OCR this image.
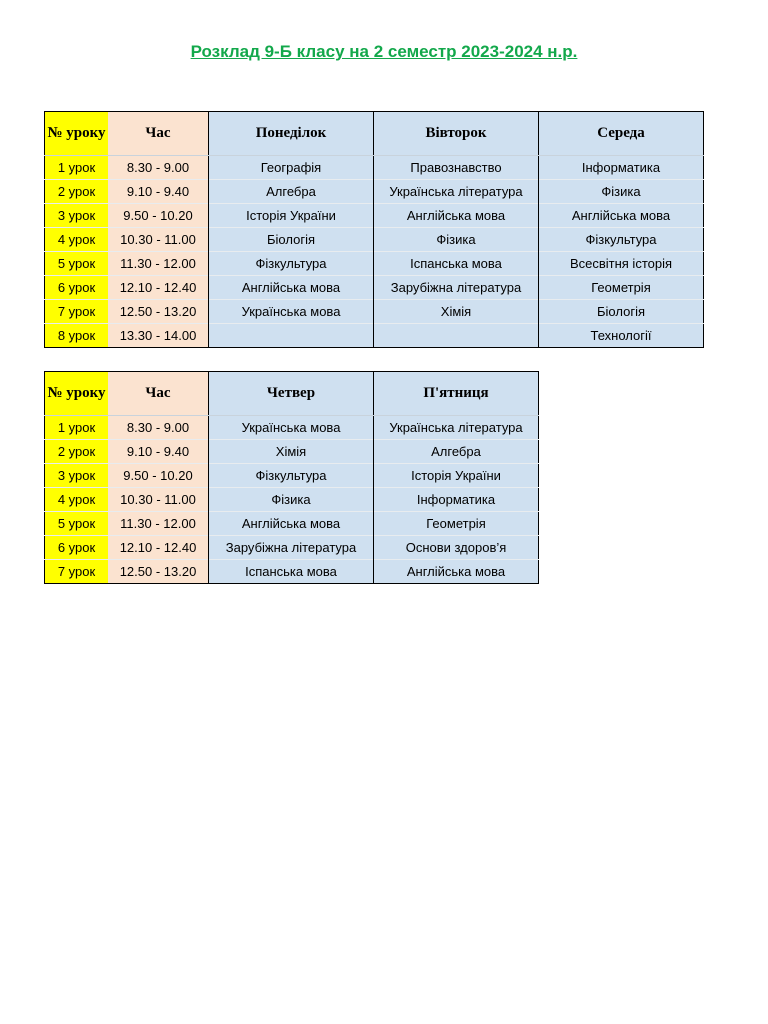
Розклад 9-Б класу на 2 семестр 2023-2024 н.р.
№ уроку	Час	Понеділок	Вівторок	Середа
1 урок	8.30 - 9.00	Географія	Правознавство	Інформатика
2 урок	9.10 - 9.40	Алгебра	Українська література	Фізика
3 урок	9.50 - 10.20	Історія України	Англійська мова	Англійська мова
4 урок	10.30 - 11.00	Біологія	Фізика	Фізкультура
5 урок	11.30 - 12.00	Фізкультура	Іспанська мова	Всесвітня історія
6 урок	12.10 - 12.40	Англійська мова	Зарубіжна література	Геометрія
7 урок	12.50 - 13.20	Українська мова	Хімія	Біологія
8 урок	13.30 - 14.00			Технології
№ уроку	Час	Четвер	П'ятниця
1 урок	8.30 - 9.00	Українська мова	Українська література
2 урок	9.10 - 9.40	Хімія	Алгебра
3 урок	9.50 - 10.20	Фізкультура	Історія України
4 урок	10.30 - 11.00	Фізика	Інформатика
5 урок	11.30 - 12.00	Англійська мова	Геометрія
6 урок	12.10 - 12.40	Зарубіжна література	Основи здоров’я
7 урок	12.50 - 13.20	Іспанська мова	Англійська мова
